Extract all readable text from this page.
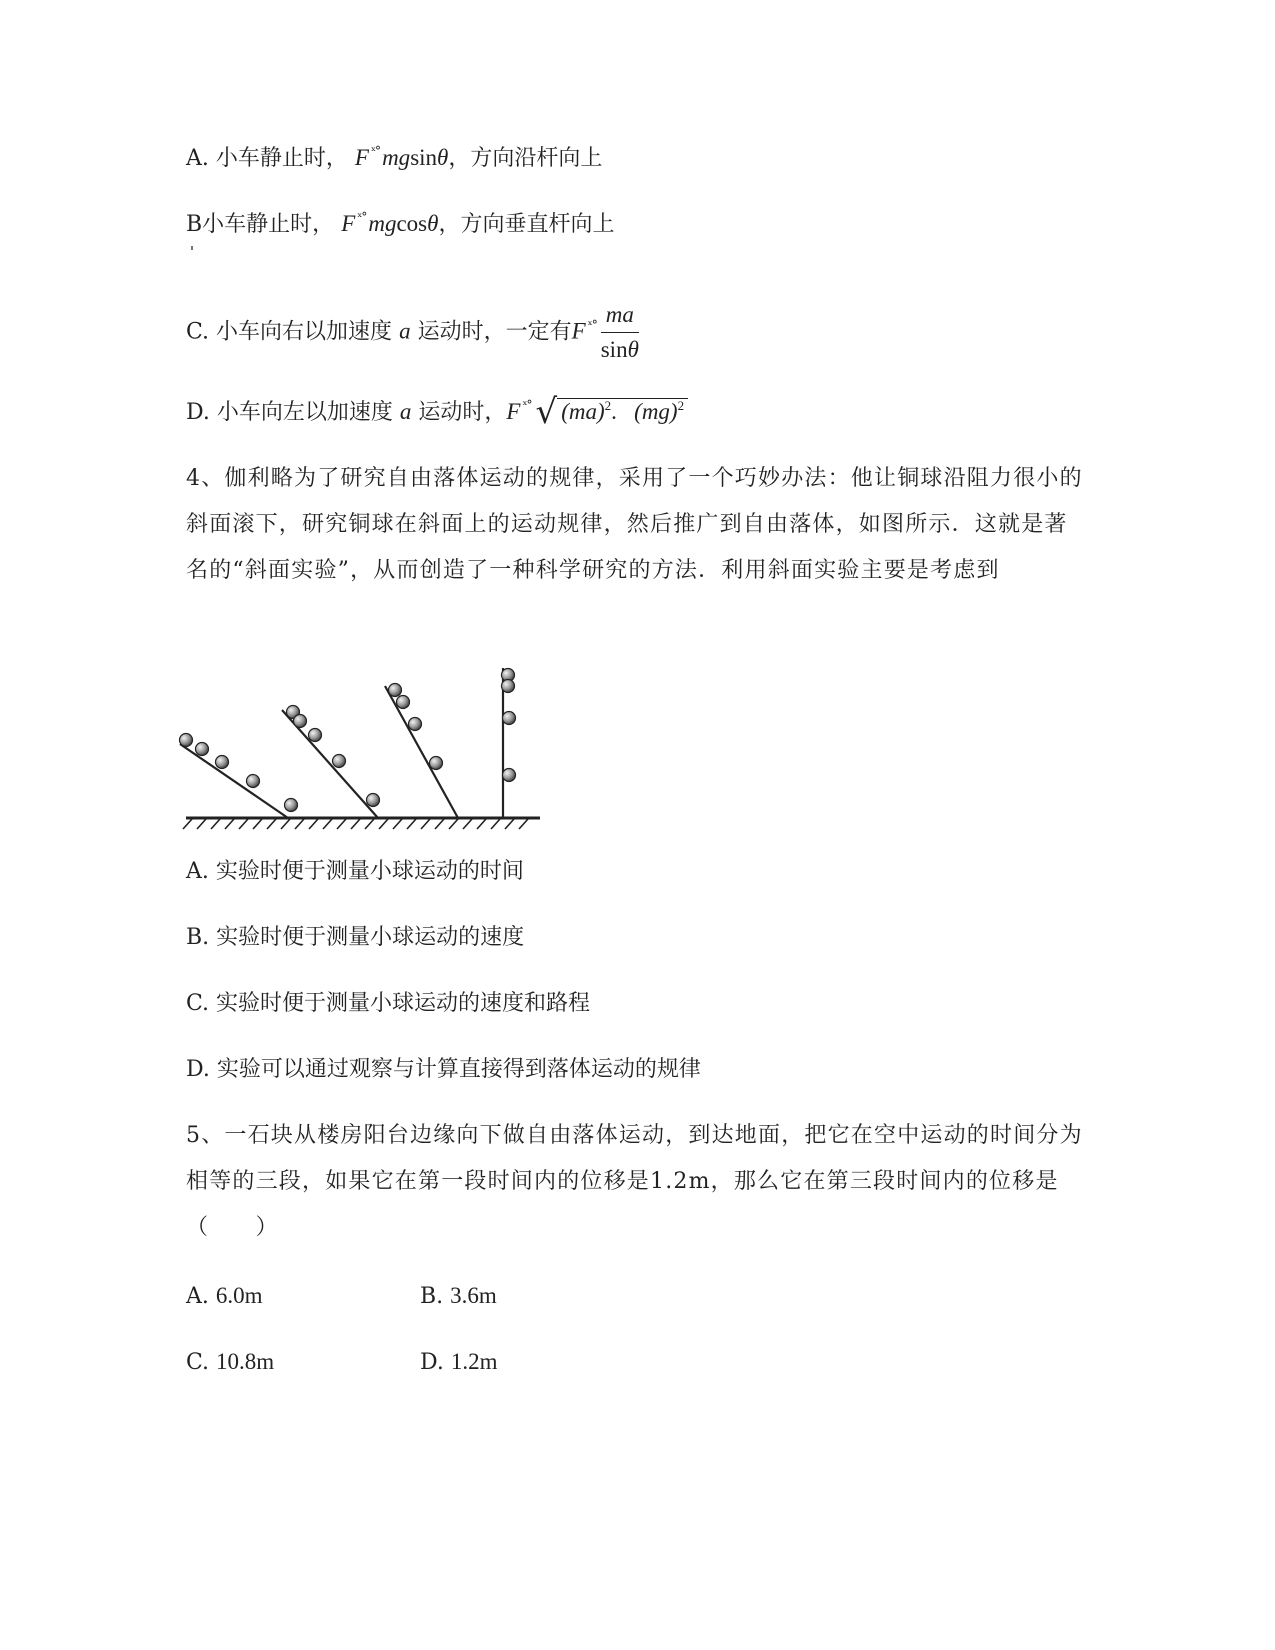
A. 小车静止时， F $^{ˣ^\circ}$mgsinθ，方向沿杆向上
B小车静止时， F $^{ˣ^\circ}$mgcosθ，方向垂直杆向上
C. 小车向右以加速度 a 运动时，一定有F $^{ˣ^\circ} \frac{ma}{\sin\theta}$
D. 小车向左以加速度 a 运动时，F $^{ˣ^\circ}$ √ (ma)$^2$. (mg)$^2$
4、伽利略为了研究自由落体运动的规律，采用了一个巧妙办法：他让铜球沿阻力很小的斜面滚下，研究铜球在斜面上的运动规律，然后推广到自由落体，如图所示．这就是著名的“斜面实验”，从而创造了一种科学研究的方法．利用斜面实验主要是考虑到
A. 实验时便于测量小球运动的时间
B. 实验时便于测量小球运动的速度
C. 实验时便于测量小球运动的速度和路程
D. 实验可以通过观察与计算直接得到落体运动的规律
5、一石块从楼房阳台边缘向下做自由落体运动，到达地面，把它在空中运动的时间分为相等的三段，如果它在第一段时间内的位移是1.2m，那么它在第三段时间内的位移是（　　）
A. 6.0m	B. 3.6m
C. 10.8m	D. 1.2m
